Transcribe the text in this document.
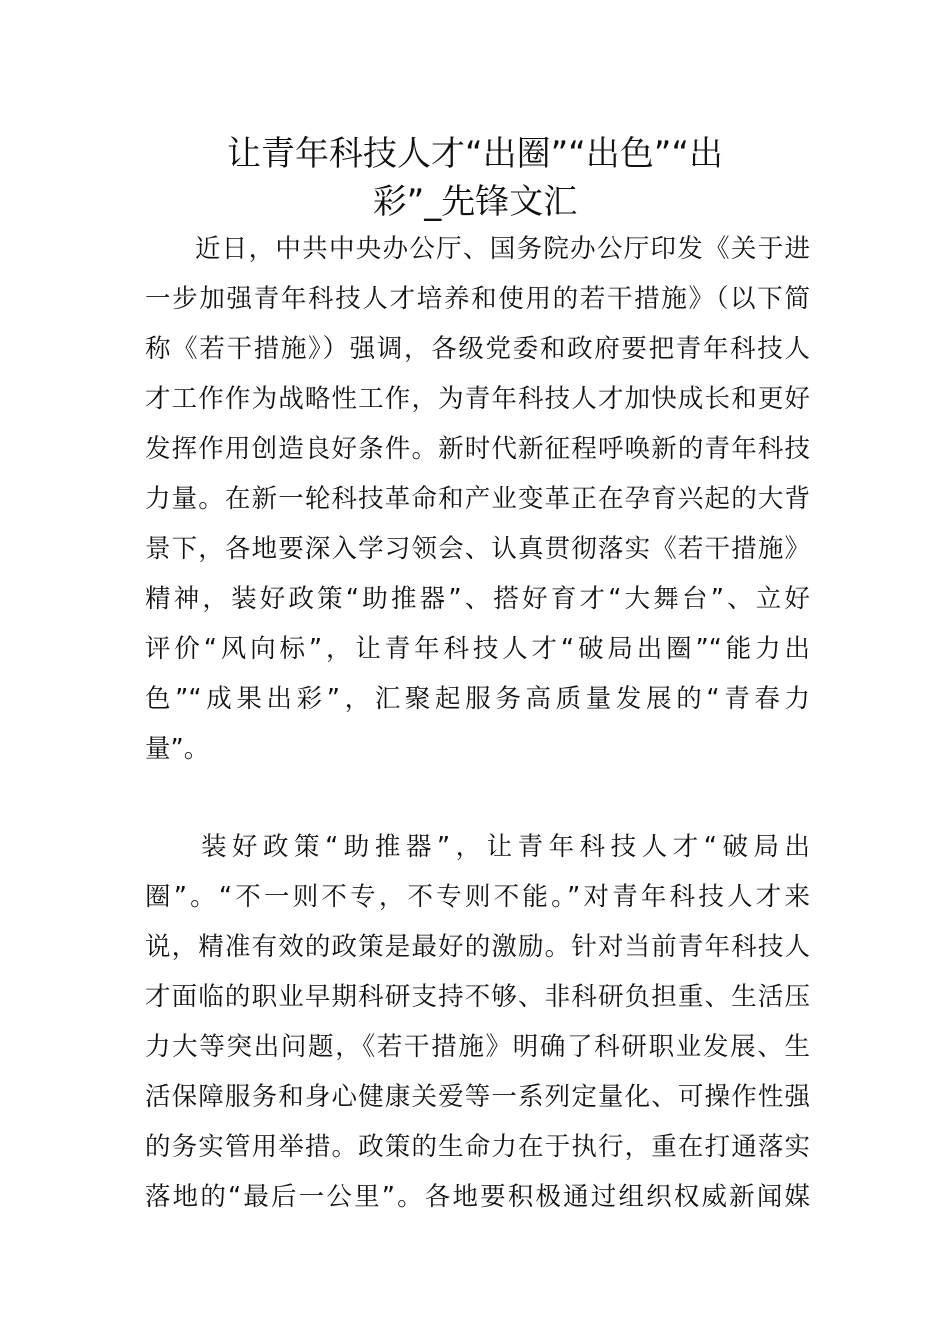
让青年科技人才“出圈”“出色”“出
彩”_先锋文汇
近日，中共中央办公厅、国务院办公厅印发《关于进
一步加强青年科技人才培养和使用的若干措施》（以下简
称《若干措施》）强调，各级党委和政府要把青年科技人
才工作作为战略性工作，为青年科技人才加快成长和更好
发挥作用创造良好条件。新时代新征程呼唤新的青年科技
力量。在新一轮科技革命和产业变革正在孕育兴起的大背
景下，各地要深入学习领会、认真贯彻落实《若干措施》
精神，装好政策“助推器”、搭好育才“大舞台”、立好
评价“风向标”，让青年科技人才“破局出圈”“能力出
色”“成果出彩”，汇聚起服务高质量发展的“青春力
量”。
装好政策“助推器”，让青年科技人才“破局出
圈”。“不一则不专，不专则不能。”对青年科技人才来
说，精准有效的政策是最好的激励。针对当前青年科技人
才面临的职业早期科研支持不够、非科研负担重、生活压
力大等突出问题，《若干措施》明确了科研职业发展、生
活保障服务和身心健康关爱等一系列定量化、可操作性强
的务实管用举措。政策的生命力在于执行，重在打通落实
落地的“最后一公里”。各地要积极通过组织权威新闻媒
